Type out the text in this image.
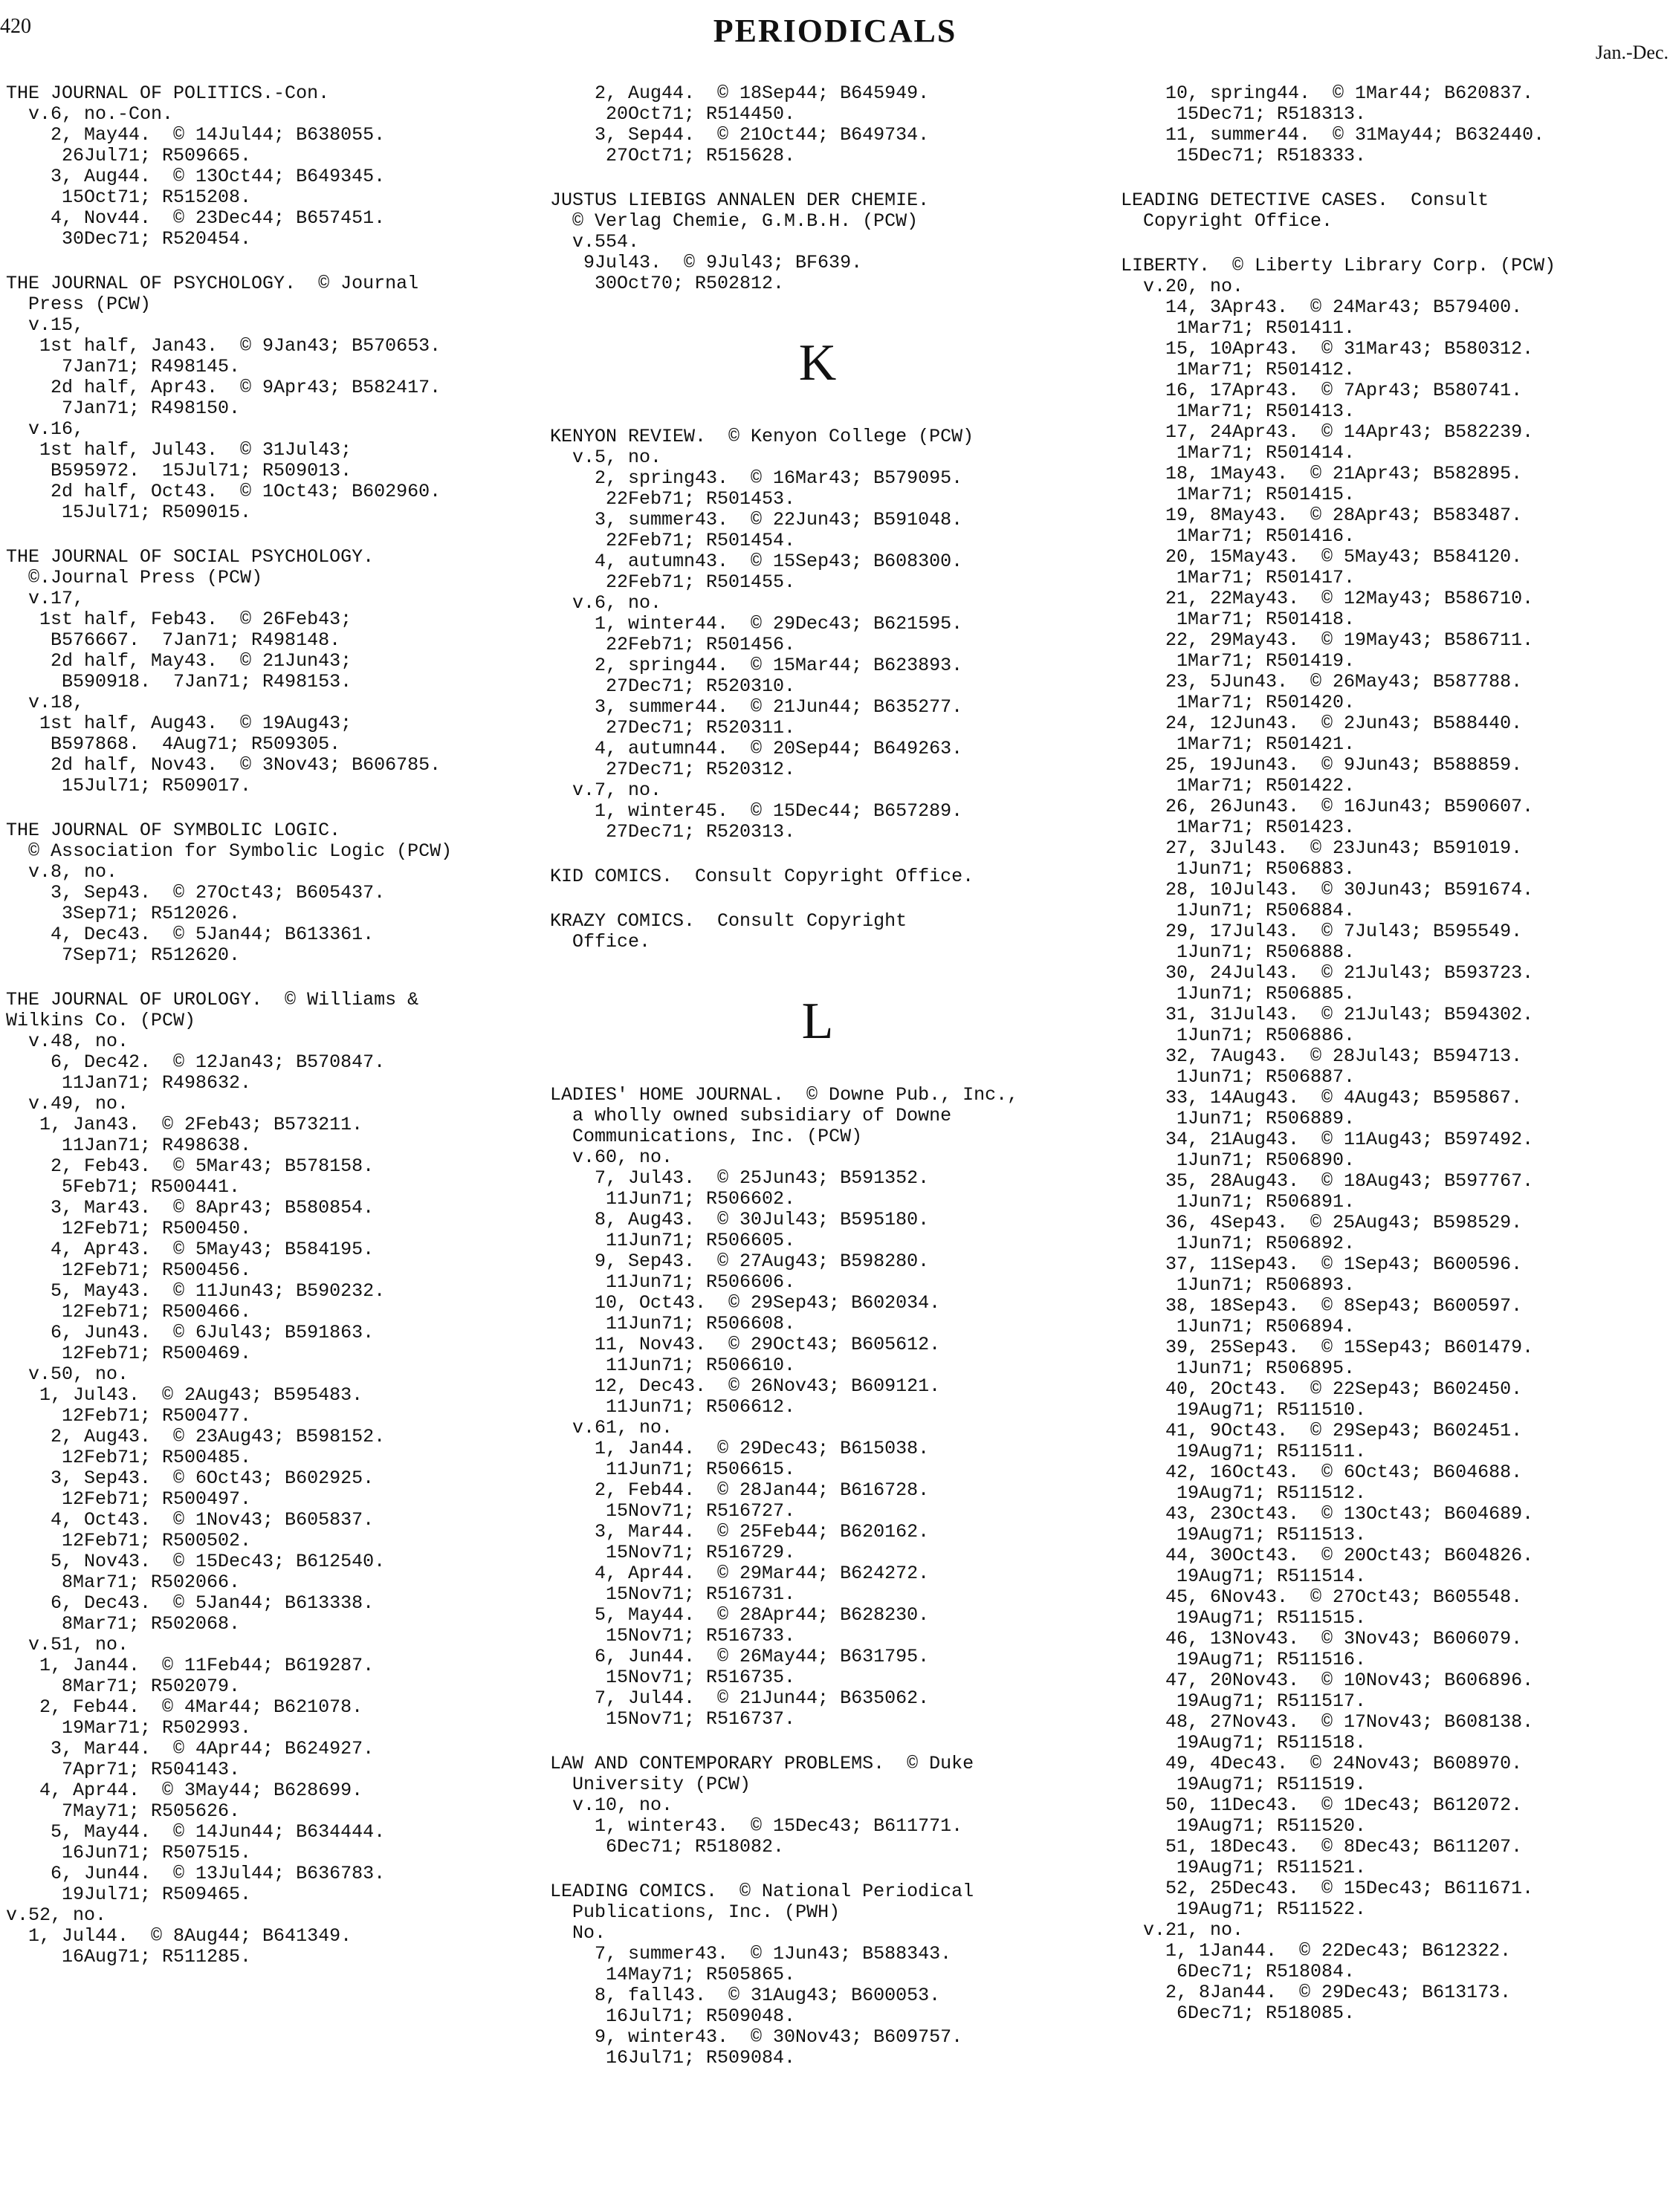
420	PERIODICALS
Jan.-Dec.
THE JOURNAL OF POLITICS.-Con.
v.6, no.-Con.
2, May44.  © 14Jul44; B638055.
26Jul71; R509665.
3, Aug44.  © 13Oct44; B649345.
15Oct71; R515208.
4, Nov44.  © 23Dec44; B657451.
30Dec71; R520454.
THE JOURNAL OF PSYCHOLOGY.  © Journal
Press (PCW)
v.15,
1st half, Jan43.  © 9Jan43; B570653.
7Jan71; R498145.
2d half, Apr43.  © 9Apr43; B582417.
7Jan71; R498150.
v.16,
1st half, Jul43.  © 31Jul43;
B595972.  15Jul71; R509013.
2d half, Oct43.  © 1Oct43; B602960.
15Jul71; R509015.
THE JOURNAL OF SOCIAL PSYCHOLOGY.
©.Journal Press (PCW)
v.17,
1st half, Feb43.  © 26Feb43;
B576667.  7Jan71; R498148.
2d half, May43.  © 21Jun43;
B590918.  7Jan71; R498153.
v.18,
1st half, Aug43.  © 19Aug43;
B597868.  4Aug71; R509305.
2d half, Nov43.  © 3Nov43; B606785.
15Jul71; R509017.
THE JOURNAL OF SYMBOLIC LOGIC.
© Association for Symbolic Logic (PCW)
v.8, no.
3, Sep43.  © 27Oct43; B605437.
3Sep71; R512026.
4, Dec43.  © 5Jan44; B613361.
7Sep71; R512620.
THE JOURNAL OF UROLOGY.  © Williams &
Wilkins Co. (PCW)
v.48, no.
6, Dec42.  © 12Jan43; B570847.
11Jan71; R498632.
v.49, no.
1, Jan43.  © 2Feb43; B573211.
11Jan71; R498638.
2, Feb43.  © 5Mar43; B578158.
5Feb71; R500441.
3, Mar43.  © 8Apr43; B580854.
12Feb71; R500450.
4, Apr43.  © 5May43; B584195.
12Feb71; R500456.
5, May43.  © 11Jun43; B590232.
12Feb71; R500466.
6, Jun43.  © 6Jul43; B591863.
12Feb71; R500469.
v.50, no.
1, Jul43.  © 2Aug43; B595483.
12Feb71; R500477.
2, Aug43.  © 23Aug43; B598152.
12Feb71; R500485.
3, Sep43.  © 6Oct43; B602925.
12Feb71; R500497.
4, Oct43.  © 1Nov43; B605837.
12Feb71; R500502.
5, Nov43.  © 15Dec43; B612540.
8Mar71; R502066.
6, Dec43.  © 5Jan44; B613338.
8Mar71; R502068.
v.51, no.
1, Jan44.  © 11Feb44; B619287.
8Mar71; R502079.
2, Feb44.  © 4Mar44; B621078.
19Mar71; R502993.
3, Mar44.  © 4Apr44; B624927.
7Apr71; R504143.
4, Apr44.  © 3May44; B628699.
7May71; R505626.
5, May44.  © 14Jun44; B634444.
16Jun71; R507515.
6, Jun44.  © 13Jul44; B636783.
19Jul71; R509465.
v.52, no.
1, Jul44.  © 8Aug44; B641349.
16Aug71; R511285.
2, Aug44.  © 18Sep44; B645949.
20Oct71; R514450.
3, Sep44.  © 21Oct44; B649734.
27Oct71; R515628.
JUSTUS LIEBIGS ANNALEN DER CHEMIE.
© Verlag Chemie, G.M.B.H. (PCW)
v.554.
9Jul43.  © 9Jul43; BF639.
30Oct70; R502812.
K
KENYON REVIEW.  © Kenyon College (PCW)
v.5, no.
2, spring43.  © 16Mar43; B579095.
22Feb71; R501453.
3, summer43.  © 22Jun43; B591048.
22Feb71; R501454.
4, autumn43.  © 15Sep43; B608300.
22Feb71; R501455.
v.6, no.
1, winter44.  © 29Dec43; B621595.
22Feb71; R501456.
2, spring44.  © 15Mar44; B623893.
27Dec71; R520310.
3, summer44.  © 21Jun44; B635277.
27Dec71; R520311.
4, autumn44.  © 20Sep44; B649263.
27Dec71; R520312.
v.7, no.
1, winter45.  © 15Dec44; B657289.
27Dec71; R520313.
KID COMICS.  Consult Copyright Office.
KRAZY COMICS.  Consult Copyright
Office.
L
LADIES' HOME JOURNAL.  © Downe Pub., Inc.,
a wholly owned subsidiary of Downe
Communications, Inc. (PCW)
v.60, no.
7, Jul43.  © 25Jun43; B591352.
11Jun71; R506602.
8, Aug43.  © 30Jul43; B595180.
11Jun71; R506605.
9, Sep43.  © 27Aug43; B598280.
11Jun71; R506606.
10, Oct43.  © 29Sep43; B602034.
11Jun71; R506608.
11, Nov43.  © 29Oct43; B605612.
11Jun71; R506610.
12, Dec43.  © 26Nov43; B609121.
11Jun71; R506612.
v.61, no.
1, Jan44.  © 29Dec43; B615038.
11Jun71; R506615.
2, Feb44.  © 28Jan44; B616728.
15Nov71; R516727.
3, Mar44.  © 25Feb44; B620162.
15Nov71; R516729.
4, Apr44.  © 29Mar44; B624272.
15Nov71; R516731.
5, May44.  © 28Apr44; B628230.
15Nov71; R516733.
6, Jun44.  © 26May44; B631795.
15Nov71; R516735.
7, Jul44.  © 21Jun44; B635062.
15Nov71; R516737.
LAW AND CONTEMPORARY PROBLEMS.  © Duke
University (PCW)
v.10, no.
1, winter43.  © 15Dec43; B611771.
6Dec71; R518082.
LEADING COMICS.  © National Periodical
Publications, Inc. (PWH)
No.
7, summer43.  © 1Jun43; B588343.
14May71; R505865.
8, fall43.  © 31Aug43; B600053.
16Jul71; R509048.
9, winter43.  © 30Nov43; B609757.
16Jul71; R509084.
10, spring44.  © 1Mar44; B620837.
15Dec71; R518313.
11, summer44.  © 31May44; B632440.
15Dec71; R518333.
LEADING DETECTIVE CASES.  Consult
Copyright Office.
LIBERTY.  © Liberty Library Corp. (PCW)
v.20, no.
14, 3Apr43.  © 24Mar43; B579400.
1Mar71; R501411.
15, 10Apr43.  © 31Mar43; B580312.
1Mar71; R501412.
16, 17Apr43.  © 7Apr43; B580741.
1Mar71; R501413.
17, 24Apr43.  © 14Apr43; B582239.
1Mar71; R501414.
18, 1May43.  © 21Apr43; B582895.
1Mar71; R501415.
19, 8May43.  © 28Apr43; B583487.
1Mar71; R501416.
20, 15May43.  © 5May43; B584120.
1Mar71; R501417.
21, 22May43.  © 12May43; B586710.
1Mar71; R501418.
22, 29May43.  © 19May43; B586711.
1Mar71; R501419.
23, 5Jun43.  © 26May43; B587788.
1Mar71; R501420.
24, 12Jun43.  © 2Jun43; B588440.
1Mar71; R501421.
25, 19Jun43.  © 9Jun43; B588859.
1Mar71; R501422.
26, 26Jun43.  © 16Jun43; B590607.
1Mar71; R501423.
27, 3Jul43.  © 23Jun43; B591019.
1Jun71; R506883.
28, 10Jul43.  © 30Jun43; B591674.
1Jun71; R506884.
29, 17Jul43.  © 7Jul43; B595549.
1Jun71; R506888.
30, 24Jul43.  © 21Jul43; B593723.
1Jun71; R506885.
31, 31Jul43.  © 21Jul43; B594302.
1Jun71; R506886.
32, 7Aug43.  © 28Jul43; B594713.
1Jun71; R506887.
33, 14Aug43.  © 4Aug43; B595867.
1Jun71; R506889.
34, 21Aug43.  © 11Aug43; B597492.
1Jun71; R506890.
35, 28Aug43.  © 18Aug43; B597767.
1Jun71; R506891.
36, 4Sep43.  © 25Aug43; B598529.
1Jun71; R506892.
37, 11Sep43.  © 1Sep43; B600596.
1Jun71; R506893.
38, 18Sep43.  © 8Sep43; B600597.
1Jun71; R506894.
39, 25Sep43.  © 15Sep43; B601479.
1Jun71; R506895.
40, 2Oct43.  © 22Sep43; B602450.
19Aug71; R511510.
41, 9Oct43.  © 29Sep43; B602451.
19Aug71; R511511.
42, 16Oct43.  © 6Oct43; B604688.
19Aug71; R511512.
43, 23Oct43.  © 13Oct43; B604689.
19Aug71; R511513.
44, 30Oct43.  © 20Oct43; B604826.
19Aug71; R511514.
45, 6Nov43.  © 27Oct43; B605548.
19Aug71; R511515.
46, 13Nov43.  © 3Nov43; B606079.
19Aug71; R511516.
47, 20Nov43.  © 10Nov43; B606896.
19Aug71; R511517.
48, 27Nov43.  © 17Nov43; B608138.
19Aug71; R511518.
49, 4Dec43.  © 24Nov43; B608970.
19Aug71; R511519.
50, 11Dec43.  © 1Dec43; B612072.
19Aug71; R511520.
51, 18Dec43.  © 8Dec43; B611207.
19Aug71; R511521.
52, 25Dec43.  © 15Dec43; B611671.
19Aug71; R511522.
v.21, no.
1, 1Jan44.  © 22Dec43; B612322.
6Dec71; R518084.
2, 8Jan44.  © 29Dec43; B613173.
6Dec71; R518085.
